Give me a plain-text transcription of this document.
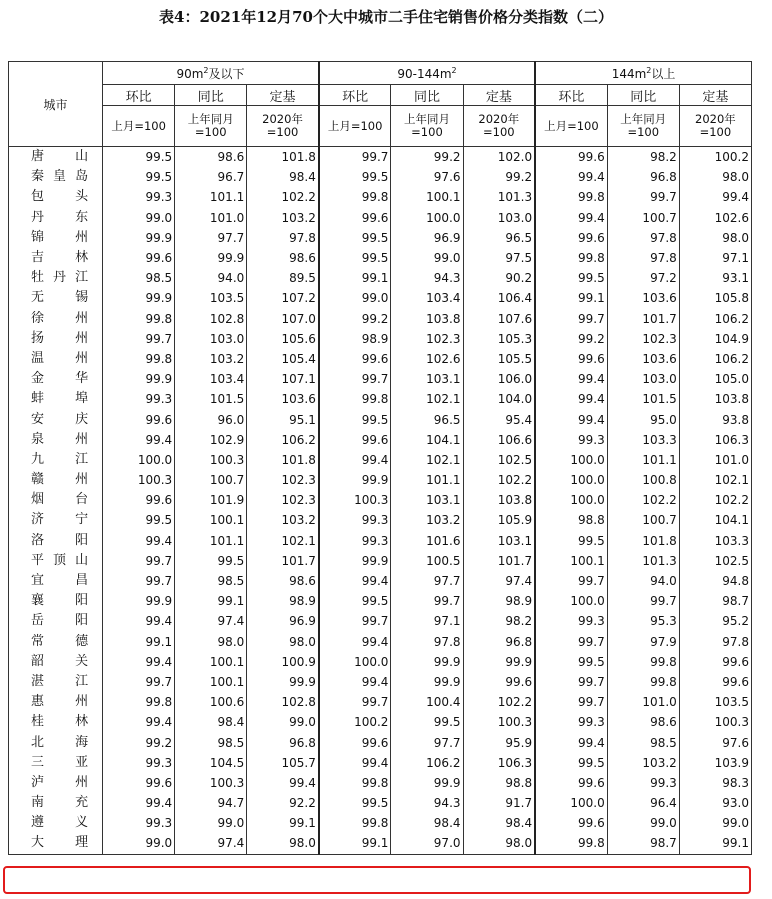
表4：2021年12月70个大中城市二手住宅销售价格分类指数（二）
城市	$90m^2$及以下			$90-144m^2$			$144m^2$以上		
	环比	同比	定基	环比	同比	定基	环比	同比	定基
	上月=100	上年同月=100	2020年=100	上月=100	上年同月=100	2020年=100	上月=100	上年同月=100	2020年=100

唐山	99.5	98.6	101.8	99.7	99.2	102.0	99.6	98.2	100.2

秦皇岛	99.5	96.7	98.4	99.5	97.6	99.2	99.4	96.8	98.0

包头	99.3	101.1	102.2	99.8	100.1	101.3	99.8	99.7	99.4

丹东	99.0	101.0	103.2	99.6	100.0	103.0	99.4	100.7	102.6

锦州	99.9	97.7	97.8	99.5	96.9	96.5	99.6	97.8	98.0

吉林	99.6	99.9	98.6	99.5	99.0	97.5	99.8	97.8	97.1

牡丹江	98.5	94.0	89.5	99.1	94.3	90.2	99.5	97.2	93.1

无锡	99.9	103.5	107.2	99.0	103.4	106.4	99.1	103.6	105.8

徐州	99.8	102.8	107.0	99.2	103.8	107.6	99.7	101.7	106.2

扬州	99.7	103.0	105.6	98.9	102.3	105.3	99.2	102.3	104.9

温州	99.8	103.2	105.4	99.6	102.6	105.5	99.6	103.6	106.2

金华	99.9	103.4	107.1	99.7	103.1	106.0	99.4	103.0	105.0

蚌埠	99.3	101.5	103.6	99.8	102.1	104.0	99.4	101.5	103.8

安庆	99.6	96.0	95.1	99.5	96.5	95.4	99.4	95.0	93.8

泉州	99.4	102.9	106.2	99.6	104.1	106.6	99.3	103.3	106.3

九江	100.0	100.3	101.8	99.4	102.1	102.5	100.0	101.1	101.0

赣州	100.3	100.7	102.3	99.9	101.1	102.2	100.0	100.8	102.1

烟台	99.6	101.9	102.3	100.3	103.1	103.8	100.0	102.2	102.2

济宁	99.5	100.1	103.2	99.3	103.2	105.9	98.8	100.7	104.1

洛阳	99.4	101.1	102.1	99.3	101.6	103.1	99.5	101.8	103.3

平顶山	99.7	99.5	101.7	99.9	100.5	101.7	100.1	101.3	102.5

宜昌	99.7	98.5	98.6	99.4	97.7	97.4	99.7	94.0	94.8

襄阳	99.9	99.1	98.9	99.5	99.7	98.9	100.0	99.7	98.7

岳阳	99.4	97.4	96.9	99.7	97.1	98.2	99.3	95.3	95.2

常德	99.1	98.0	98.0	99.4	97.8	96.8	99.7	97.9	97.8

韶关	99.4	100.1	100.9	100.0	99.9	99.9	99.5	99.8	99.6

湛江	99.7	100.1	99.9	99.4	99.9	99.6	99.7	99.8	99.6

惠州	99.8	100.6	102.8	99.7	100.4	102.2	99.7	101.0	103.5

桂林	99.4	98.4	99.0	100.2	99.5	100.3	99.3	98.6	100.3

北海	99.2	98.5	96.8	99.6	97.7	95.9	99.4	98.5	97.6

三亚	99.3	104.5	105.7	99.4	106.2	106.3	99.5	103.2	103.9

泸州	99.6	100.3	99.4	99.8	99.9	98.8	99.6	99.3	98.3

南充	99.4	94.7	92.2	99.5	94.3	91.7	100.0	96.4	93.0

遵义	99.3	99.0	99.1	99.8	98.4	98.4	99.6	99.0	99.0

大理	99.0	97.4	98.0	99.1	97.0	98.0	99.8	98.7	99.1
